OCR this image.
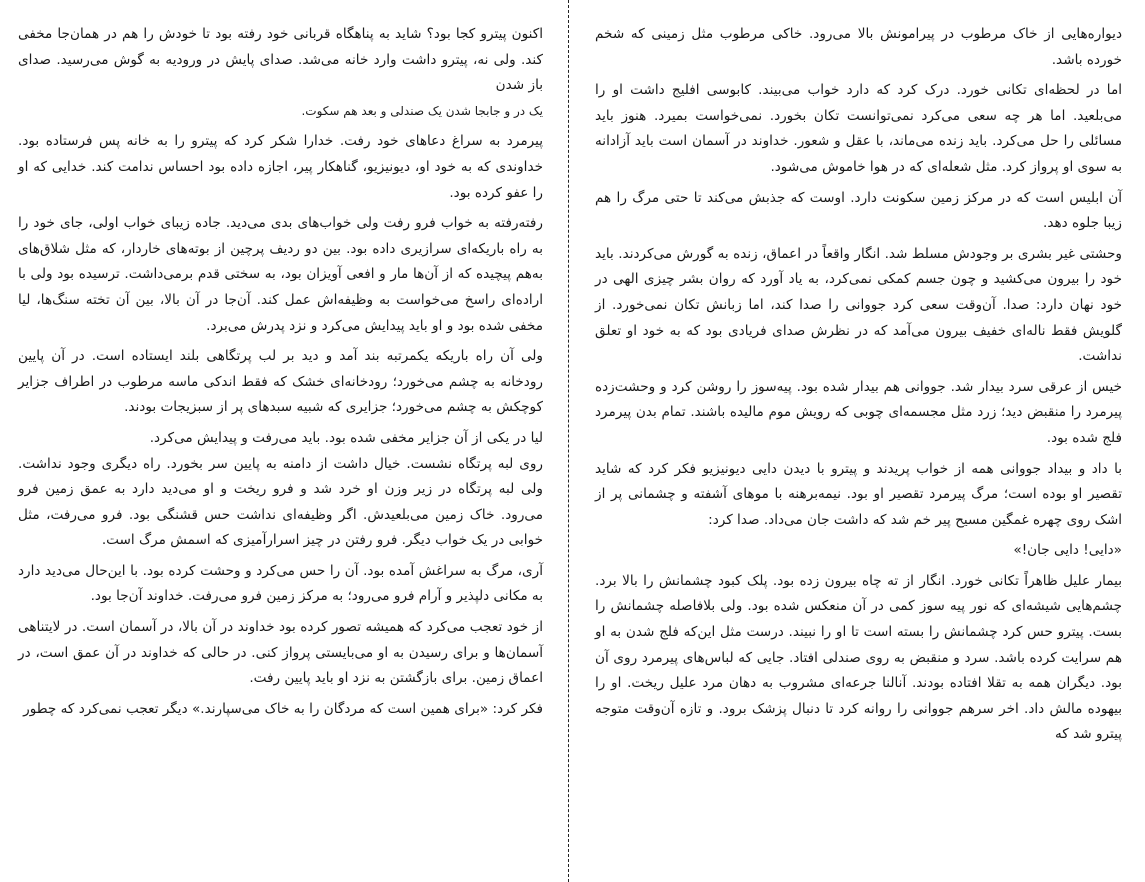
دیواره‌هایی از خاک مرطوب در پیرامونش بالا می‌رود. خاکی مرطوب مثل زمینی که شخم خورده باشد.

اما در لحظه‌ای تکانی خورد. درک کرد که دارد خواب می‌بیند. کابوسی افلیج داشت او را می‌بلعید. اما هر چه سعی می‌کرد نمی‌توانست تکان بخورد. نمی‌خواست بمیرد. هنوز باید مسائلی را حل می‌کرد. باید زنده می‌ماند، با عقل و شعور. خداوند در آسمان است باید آزادانه به سوی او پرواز کرد. مثل شعله‌ای که در هوا خاموش می‌شود.

آن ابلیس است که در مرکز زمین سکونت دارد. اوست که جذبش می‌کند تا حتی مرگ را هم زیبا جلوه دهد.

وحشتی غیر بشری بر وجودش مسلط شد. انگار واقعاً در اعماق، زنده به گورش می‌کردند. باید خود را بیرون می‌کشید و چون جسم کمکی نمی‌کرد، به یاد آورد که روان بشر چیزی الهی در خود نهان دارد: صدا. آن‌وقت سعی کرد جووانی را صدا کند، اما زبانش تکان نمی‌خورد. از گلویش فقط ناله‌ای خفیف بیرون می‌آمد که در نظرش صدای فریادی بود که به خود او تعلق نداشت.

خیس از عرقی سرد بیدار شد. جووانی هم بیدار شده بود. پیه‌سوز را روشن کرد و وحشت‌زده پیرمرد را منقبض دید؛ زرد مثل مجسمه‌ای چوبی که رویش موم مالیده باشند. تمام بدن پیرمرد فلج شده بود.

با داد و بیداد جووانی همه از خواب پریدند و پیترو با دیدن دایی دیونیزیو فکر کرد که شاید تقصیر او بوده است؛ مرگ پیرمرد تقصیر او بود. نیمه‌برهنه با موهای آشفته و چشمانی پر از اشک روی چهره غمگین مسیح پیر خم شد که داشت جان می‌داد. صدا کرد:

«دایی! دایی جان!»

بیمار علیل ظاهراً تکانی خورد. انگار از ته چاه بیرون زده بود. پلک کبود چشمانش را بالا برد. چشم‌هایی شیشه‌ای که نور پیه سوز کمی در آن منعکس شده بود. ولی بلافاصله چشمانش را بست. پیترو حس کرد چشمانش را بسته است تا او را نبیند. درست مثل این‌که فلج شدن به او هم سرایت کرده باشد. سرد و منقبض به روی صندلی افتاد. جایی که لباس‌های پیرمرد روی آن بود. دیگران همه به تقلا افتاده بودند. آنالنا جرعه‌ای مشروب به دهان مرد علیل ریخت. او را بیهوده مالش داد. اخر سرهم جووانی را روانه کرد تا دنبال پزشک برود. و تازه آن‌وقت متوجه پیترو شد که

اکنون پیترو کجا بود؟ شاید به پناهگاه قربانی خود رفته بود تا خودش را هم در همان‌جا مخفی کند. ولی نه، پیترو داشت وارد خانه می‌شد. صدای پایش در ورودیه به گوش می‌رسید. صدای باز شدن

یک در و جابجا شدن یک صندلی و بعد هم سکوت.

پیرمرد به سراغ دعاهای خود رفت. خدارا شکر کرد که پیترو را به خانه پس فرستاده بود. خداوندی که به خود او، دیونیزیو، گناهکار پیر، اجازه داده بود احساس ندامت کند. خدایی که او را عفو کرده بود.

رفته‌رفته به خواب فرو رفت ولی خواب‌های بدی می‌دید. جاده زیبای خواب اولی، جای خود را به راه باریکه‌ای سرازیری داده بود. بین دو ردیف پرچین از بوته‌های خاردار، که مثل شلاق‌های به‌هم پیچیده که از آن‌ها مار و افعی آویزان بود، به سختی قدم برمی‌داشت. ترسیده بود ولی با اراده‌ای راسخ می‌خواست به وظیفه‌اش عمل کند. آن‌جا در آن بالا، بین آن تخته سنگ‌ها، لیا مخفی شده بود و او باید پیدایش می‌کرد و نزد پدرش می‌برد.

ولی آن راه باریکه یکمرتبه بند آمد و دید بر لب پرتگاهی بلند ایستاده است. در آن پایین رودخانه به چشم می‌خورد؛ رودخانه‌ای خشک که فقط اندکی ماسه مرطوب در اطراف جزایر کوچکش به چشم می‌خورد؛ جزایری که شبیه سبدهای پر از سبزیجات بودند.

لیا در یکی از آن جزایر مخفی شده بود. باید می‌رفت و پیدایش می‌کرد.

روی لبه پرتگاه نشست. خیال داشت از دامنه به پایین سر بخورد. راه دیگری وجود نداشت. ولی لبه پرتگاه در زیر وزن او خرد شد و فرو ریخت و او می‌دید دارد به عمق زمین فرو می‌رود. خاک زمین می‌بلعیدش. اگر وظیفه‌ای نداشت حس قشنگی بود. فرو می‌رفت، مثل خوابی در یک خواب دیگر. فرو رفتن در چیز اسرارآمیزی که اسمش مرگ است.

آری، مرگ به سراغش آمده بود. آن را حس می‌کرد و وحشت کرده بود. با این‌حال می‌دید دارد به مکانی دلپذیر و آرام فرو می‌رود؛ به مرکز زمین فرو می‌رفت. خداوند آن‌جا بود.

از خود تعجب می‌کرد که همیشه تصور کرده بود خداوند در آن بالا، در آسمان است. در لایتناهی آسمان‌ها و برای رسیدن به او می‌بایستی پرواز کنی. در حالی که خداوند در آن عمق است، در اعماق زمین. برای بازگشتن به نزد او باید پایین رفت.

فکر کرد: «برای همین است که مردگان را به خاک می‌سپارند.» دیگر تعجب نمی‌کرد که چطور
